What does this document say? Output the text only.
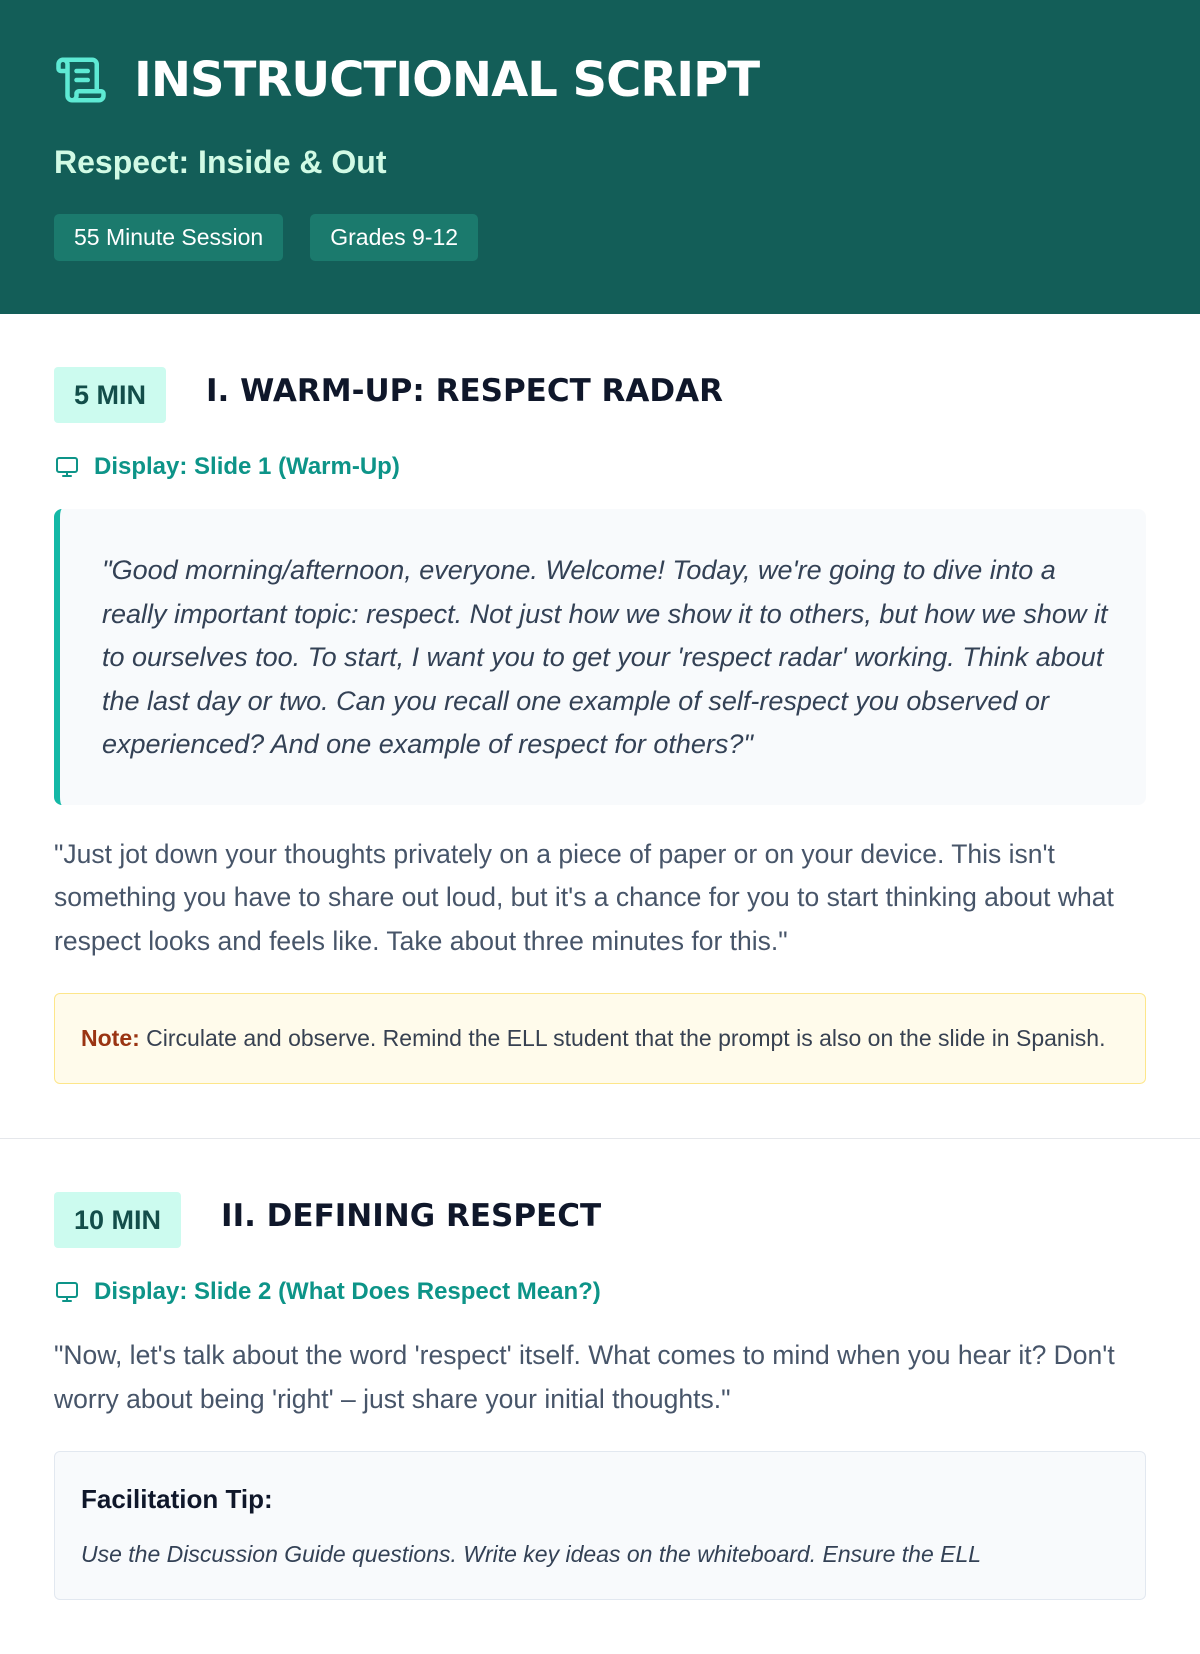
INSTRUCTIONAL SCRIPT
Respect: Inside & Out
55 Minute Session	Grades 9-12
5 MIN	I. WARM-UP: RESPECT RADAR
Display: Slide 1 (Warm-Up)
"Good morning/afternoon, everyone. Welcome! Today, we're going to dive into a really important topic: respect. Not just how we show it to others, but how we show it to ourselves too. To start, I want you to get your 'respect radar' working. Think about the last day or two. Can you recall one example of self-respect you observed or experienced? And one example of respect for others?"
"Just jot down your thoughts privately on a piece of paper or on your device. This isn't something you have to share out loud, but it's a chance for you to start thinking about what respect looks and feels like. Take about three minutes for this."
Note: Circulate and observe. Remind the ELL student that the prompt is also on the slide in Spanish.
10 MIN	II. DEFINING RESPECT
Display: Slide 2 (What Does Respect Mean?)
"Now, let's talk about the word 'respect' itself. What comes to mind when you hear it? Don't worry about being 'right' – just share your initial thoughts."
Facilitation Tip:
Use the Discussion Guide questions. Write key ideas on the whiteboard. Ensure the ELL
